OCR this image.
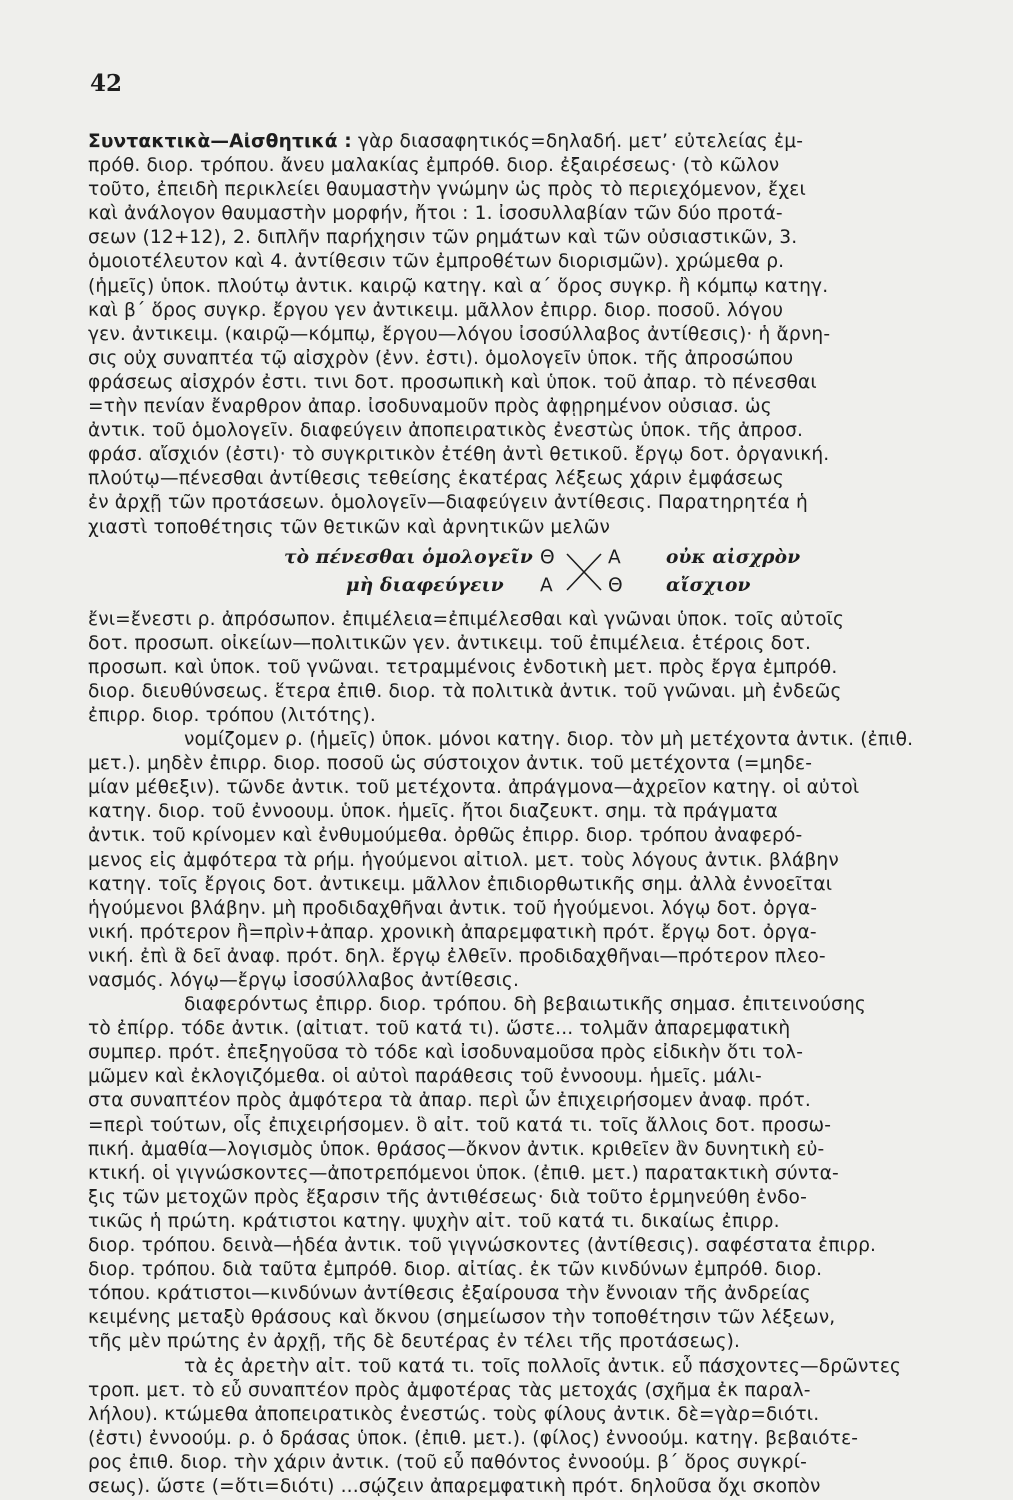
42
Συντακτικὰ—Αἰσθητικά : γὰρ διασαφητικός=δηλαδή. μετ’ εὐτελείας ἐμ-
πρόθ. διορ. τρόπου. ἄνευ μαλακίας ἐμπρόθ. διορ. ἐξαιρέσεως· (τὸ κῶλον
τοῦτο, ἐπειδὴ περικλείει θαυμαστὴν γνώμην ὡς πρὸς τὸ περιεχόμενον, ἔχει
καὶ ἀνάλογον θαυμαστὴν μορφήν, ἤτοι : 1. ἰσοσυλλαβίαν τῶν δύο προτά-
σεων (12+12), 2. διπλῆν παρήχησιν τῶν ρημάτων καὶ τῶν οὐσιαστικῶν, 3.
ὁμοιοτέλευτον καὶ 4. ἀντίθεσιν τῶν ἐμπροθέτων διορισμῶν). χρώμεθα ρ.
(ἡμεῖς) ὑποκ. πλούτῳ ἀντικ. καιρῷ κατηγ. καὶ α΄ ὅρος συγκρ. ἢ κόμπῳ κατηγ.
καὶ β΄ ὅρος συγκρ. ἔργου γεν ἀντικειμ. μᾶλλον ἐπιρρ. διορ. ποσοῦ. λόγου
γεν. ἀντικειμ. (καιρῷ—κόμπῳ, ἔργου—λόγου ἰσοσύλλαβος ἀντίθεσις)· ἡ ἄρνη-
σις οὐχ συναπτέα τῷ αἰσχρὸν (ἐνν. ἐστι). ὁμολογεῖν ὑποκ. τῆς ἀπροσώπου
φράσεως αἰσχρόν ἐστι. τινι δοτ. προσωπικὴ καὶ ὑποκ. τοῦ ἀπαρ. τὸ πένεσθαι
=τὴν πενίαν ἔναρθρον ἀπαρ. ἰσοδυναμοῦν πρὸς ἀφῃρημένον οὐσιασ. ὡς
ἀντικ. τοῦ ὁμολογεῖν. διαφεύγειν ἀποπειρατικὸς ἐνεστὼς ὑποκ. τῆς ἀπροσ.
φράσ. αἴσχιόν (ἐστι)· τὸ συγκριτικὸν ἐτέθη ἀντὶ θετικοῦ. ἔργῳ δοτ. ὀργανική.
πλούτῳ—πένεσθαι ἀντίθεσις τεθείσης ἑκατέρας λέξεως χάριν ἐμφάσεως
ἐν ἀρχῇ τῶν προτάσεων. ὁμολογεῖν—διαφεύγειν ἀντίθεσις. Παρατηρητέα ἡ
χιαστὶ τοποθέτησις τῶν θετικῶν καὶ ἀρνητικῶν μελῶν
τὸ πένεσθαι ὁμολογεῖν Θ	Α οὐκ αἰσχρὸν
μὴ διαφεύγειν Α	Θ αἴσχιον
ἔνι=ἔνεστι ρ. ἀπρόσωπον. ἐπιμέλεια=ἐπιμέλεσθαι καὶ γνῶναι ὑποκ. τοῖς αὐτοῖς
δοτ. προσωπ. οἰκείων—πολιτικῶν γεν. ἀντικειμ. τοῦ ἐπιμέλεια. ἑτέροις δοτ.
προσωπ. καὶ ὑποκ. τοῦ γνῶναι. τετραμμένοις ἐνδοτικὴ μετ. πρὸς ἔργα ἐμπρόθ.
διορ. διευθύνσεως. ἕτερα ἐπιθ. διορ. τὰ πολιτικὰ ἀντικ. τοῦ γνῶναι. μὴ ἐνδεῶς
ἐπιρρ. διορ. τρόπου (λιτότης).
νομίζομεν ρ. (ἡμεῖς) ὑποκ. μόνοι κατηγ. διορ. τὸν μὴ μετέχοντα ἀντικ. (ἐπιθ.
μετ.). μηδὲν ἐπιρρ. διορ. ποσοῦ ὡς σύστοιχον ἀντικ. τοῦ μετέχοντα (=μηδε-
μίαν μέθεξιν). τῶνδε ἀντικ. τοῦ μετέχοντα. ἀπράγμονα—ἀχρεῖον κατηγ. οἱ αὐτοὶ
κατηγ. διορ. τοῦ ἐννοουμ. ὑποκ. ἡμεῖς. ἤτοι διαζευκτ. σημ. τὰ πράγματα
ἀντικ. τοῦ κρίνομεν καὶ ἐνθυμούμεθα. ὀρθῶς ἐπιρρ. διορ. τρόπου ἀναφερό-
μενος εἰς ἀμφότερα τὰ ρήμ. ἡγούμενοι αἰτιολ. μετ. τοὺς λόγους ἀντικ. βλάβην
κατηγ. τοῖς ἔργοις δοτ. ἀντικειμ. μᾶλλον ἐπιδιορθωτικῆς σημ. ἀλλὰ ἐννοεῖται
ἡγούμενοι βλάβην. μὴ προδιδαχθῆναι ἀντικ. τοῦ ἡγούμενοι. λόγῳ δοτ. ὀργα-
νική. πρότερον ἢ=πρὶν+ἀπαρ. χρονικὴ ἀπαρεμφατικὴ πρότ. ἔργῳ δοτ. ὀργα-
νική. ἐπὶ ἃ δεῖ ἀναφ. πρότ. δηλ. ἔργῳ ἐλθεῖν. προδιδαχθῆναι—πρότερον πλεο-
νασμός. λόγῳ—ἔργῳ ἰσοσύλλαβος ἀντίθεσις.
διαφερόντως ἐπιρρ. διορ. τρόπου. δὴ βεβαιωτικῆς σημασ. ἐπιτεινούσης
τὸ ἐπίρρ. τόδε ἀντικ. (αἰτιατ. τοῦ κατά τι). ὥστε... τολμᾶν ἀπαρεμφατικὴ
συμπερ. πρότ. ἐπεξηγοῦσα τὸ τόδε καὶ ἰσοδυναμοῦσα πρὸς εἰδικὴν ὅτι τολ-
μῶμεν καὶ ἐκλογιζόμεθα. οἱ αὐτοὶ παράθεσις τοῦ ἐννοουμ. ἡμεῖς. μάλι-
στα συναπτέον πρὸς ἀμφότερα τὰ ἀπαρ. περὶ ὧν ἐπιχειρήσομεν ἀναφ. πρότ.
=περὶ τούτων, οἷς ἐπιχειρήσομεν. ὃ αἰτ. τοῦ κατά τι. τοῖς ἄλλοις δοτ. προσω-
πική. ἀμαθία—λογισμὸς ὑποκ. θράσος—ὄκνον ἀντικ. κριθεῖεν ἂν δυνητικὴ εὐ-
κτική. οἱ γιγνώσκοντες—ἀποτρεπόμενοι ὑποκ. (ἐπιθ. μετ.) παρατακτικὴ σύντα-
ξις τῶν μετοχῶν πρὸς ἔξαρσιν τῆς ἀντιθέσεως· διὰ τοῦτο ἑρμηνεύθη ἐνδο-
τικῶς ἡ πρώτη. κράτιστοι κατηγ. ψυχὴν αἰτ. τοῦ κατά τι. δικαίως ἐπιρρ.
διορ. τρόπου. δεινὰ—ἡδέα ἀντικ. τοῦ γιγνώσκοντες (ἀντίθεσις). σαφέστατα ἐπιρρ.
διορ. τρόπου. διὰ ταῦτα ἐμπρόθ. διορ. αἰτίας. ἐκ τῶν κινδύνων ἐμπρόθ. διορ.
τόπου. κράτιστοι—κινδύνων ἀντίθεσις ἐξαίρουσα τὴν ἔννοιαν τῆς ἀνδρείας
κειμένης μεταξὺ θράσους καὶ ὄκνου (σημείωσον τὴν τοποθέτησιν τῶν λέξεων,
τῆς μὲν πρώτης ἐν ἀρχῇ, τῆς δὲ δευτέρας ἐν τέλει τῆς προτάσεως).
τὰ ἐς ἀρετὴν αἰτ. τοῦ κατά τι. τοῖς πολλοῖς ἀντικ. εὖ πάσχοντες—δρῶντες
τροπ. μετ. τὸ εὖ συναπτέον πρὸς ἀμφοτέρας τὰς μετοχάς (σχῆμα ἐκ παραλ-
λήλου). κτώμεθα ἀποπειρατικὸς ἐνεστώς. τοὺς φίλους ἀντικ. δὲ=γὰρ=διότι.
(ἐστι) ἐννοούμ. ρ. ὁ δράσας ὑποκ. (ἐπιθ. μετ.). (φίλος) ἐννοούμ. κατηγ. βεβαιότε-
ρος ἐπιθ. διορ. τὴν χάριν ἀντικ. (τοῦ εὖ παθόντος ἐννοούμ. β΄ ὅρος συγκρί-
σεως). ὥστε (=ὅτι=διότι) ...σῴζειν ἀπαρεμφατικὴ πρότ. δηλοῦσα ὄχι σκοπὸν
